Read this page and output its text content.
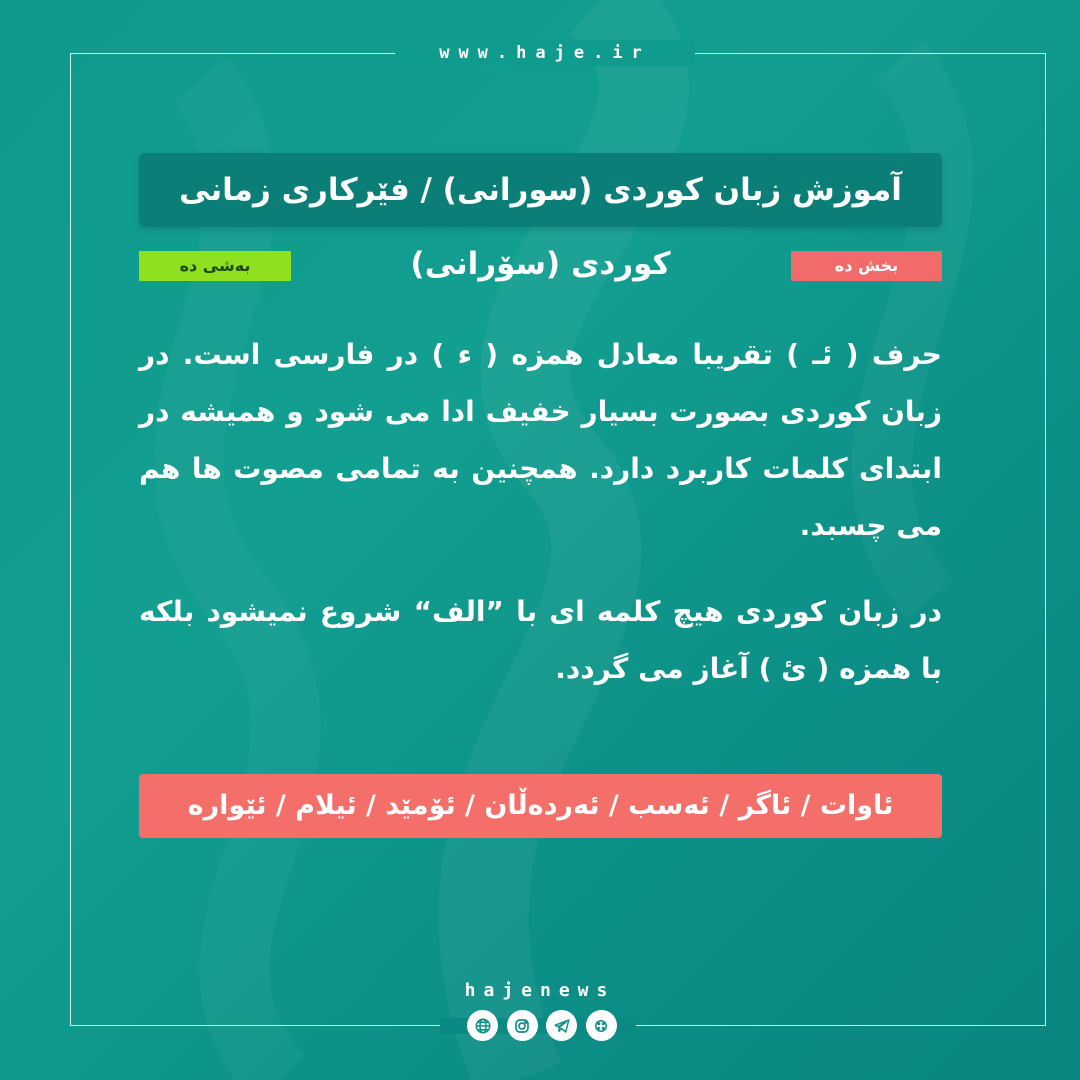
www.haje.ir
آموزش زبان کوردی (سورانی) / فێرکاری زمانی کوردی (سۆرانی)
بەشی دە	بخش ده
حرف ( ئـ ) تقریبا معادل همزه ( ء ) در فارسی است. در زبان کوردی بصورت بسیار خفیف ادا می شود و همیشه در ابتدای کلمات کاربرد دارد. همچنین به تمامی مصوت ها هم می چسبد.
در زبان کوردی هیچ کلمه ای با ”الف“ شروع نمیشود بلکه با همزه ( ئ ) آغاز می گردد.
ئاوات / ئاگر / ئەسب / ئەردەڵان / ئۆمێد / ئیلام / ئێوارە
hajenews
